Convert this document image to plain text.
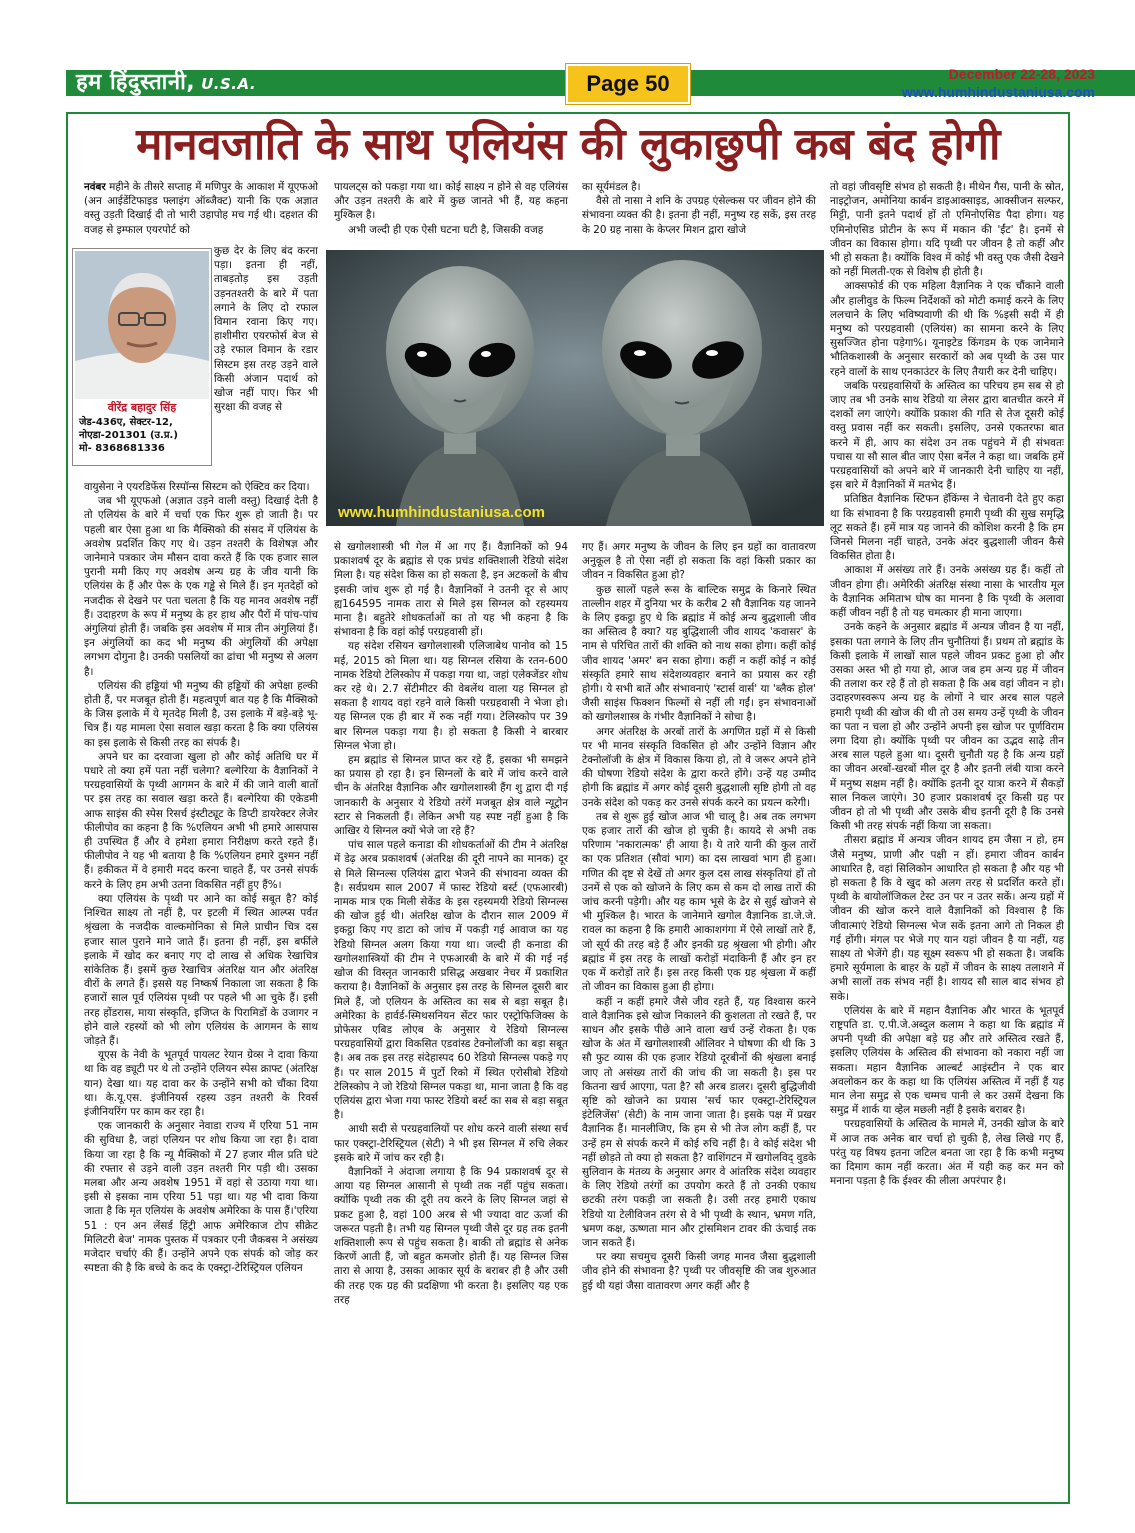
हम हिंदुस्तानी, U.S.A.	Page 50	December 22-28, 2023
www.humhindustaniusa.com
मानवजाति के साथ एलियंस की लुकाछुपी कब बंद होगी

नवंबर महीने के तीसरे सप्ताह में मणिपुर के आकाश में यूएफओ (अन आईडेंटिफाइड फ्लाइंग ऑब्जैक्ट) यानी कि एक अज्ञात वस्तु उड़ती दिखाई दी तो भारी उहापोह मच गई थी। दहशत की वजह से इम्फाल एयरपोर्ट को

वीरेंद्र बहादुर सिंह
जेड-436ए, सेक्टर-12,
नोएडा-201301 (उ.प्र.)
मो- 8368681336
कुछ देर के लिए बंद करना पड़ा। इतना ही नहीं, ताबड़तोड़ इस उड़ती उड़नतश्तरी के बारे में पता लगाने के लिए दो रफाल विमान रवाना किए गए। हाशीमीरा एयरफोर्स बेज से उड़े रफाल विमान के रडार सिस्टम इस तरह उड़ने वाले किसी अंजान पदार्थ को खोज नहीं पाए। फिर भी सुरक्षा की वजह से

वायुसेना ने एयरडिफेंस रिस्पॉन्स सिस्टम को ऐक्टिव कर दिया।

जब भी यूएफओ (अज्ञात उड़ने वाली वस्तु) दिखाई देती है तो एलियंस के बारे में चर्चा एक फिर शुरू हो जाती है। पर पहली बार ऐसा हुआ था कि मैक्सिको की संसद में एलियंस के अवशेष प्रदर्शित किए गए थे। उड़न तश्तरी के विशेषज्ञ और जानेमाने पत्रकार जेम मौसन दावा करते हैं कि एक हजार साल पुरानी ममी किए गए अवशेष अन्य ग्रह के जीव यानी कि एलियंस के हैं और पेरू के एक गड्ढे से मिले हैं। इन मृतदेहों को नजदीक से देखने पर पता चलता है कि यह मानव अवशेष नहीं हैं। उदाहरण के रूप में मनुष्य के हर हाथ और पैरों में पांच-पांच अंगुलियां होती हैं। जबकि इस अवशेष में मात्र तीन अंगुलियां हैं। इन अंगुलियों का कद भी मनुष्य की अंगुलियों की अपेक्षा लगभग दोगुना है। उनकी पसलियों का ढांचा भी मनुष्य से अलग है।

एलियंस की हड्डियां भी मनुष्य की हड्डियों की अपेक्षा हल्की होती हैं, पर मजबूत होती हैं। महत्वपूर्ण बात यह है कि मैक्सिको के जिस इलाके में ये मृतदेह मिली है, उस इलाके में बड़े-बड़े भू-चित्र हैं। यह मामला ऐसा सवाल खड़ा करता है कि क्या एलियंस का इस इलाके से किसी तरह का संपर्क है।

अपने घर का दरवाजा खुला हो और कोई अतिथि घर में पधारे तो क्या हमें पता नहीं चलेगा? बल्गेरिया के वैज्ञानिकों ने परग्रहवासियों के पृथ्वी आगमन के बारे में की जाने वाली बातों पर इस तरह का सवाल खड़ा करते हैं। बल्गेरिया की एकेडमी आफ साइंस की स्पेस रिसर्च इंस्टीट्यूट के डिप्टी डायरेक्टर लेजेर फीलीपोव का कहना है कि %एलियन अभी भी हमारे आसपास ही उपस्थित हैं और वे हमेशा हमारा निरीक्षण करते रहते हैं। फीलीपोव ने यह भी बताया है कि %एलियन हमारे दुश्मन नहीं हैं। हकीकत में वे हमारी मदद करना चाहते हैं, पर उनसे संपर्क करने के लिए हम अभी उतना विकसित नहीं हुए हैं%।

क्या एलियंस के पृथ्वी पर आने का कोई सबूत है? कोई निश्चित साक्ष्य तो नहीं है, पर इटली में स्थित आल्प्स पर्वत श्रृंखला के नजदीक वाल्कमोनिका से मिले प्राचीन चित्र दस हजार साल पुराने माने जाते हैं। इतना ही नहीं, इस बर्फीले इलाके में खोद कर बनाए गए दो लाख से अधिक रेखाचित्र सांकेतिक हैं। इसमें कुछ रेखाचित्र अंतरिक्ष यान और अंतरिक्ष वीरों के लगते हैं। इससे यह निष्कर्ष निकाला जा सकता है कि हजारों साल पूर्व एलियंस पृथ्वी पर पहले भी आ चुके हैं। इसी तरह होंडरास, माया संस्कृति, इजिप्त के पिरामिडों के उजागर न होने वाले रहस्यों को भी लोग एलियंस के आगमन के साथ जोड़ते हैं।

यूएस के नेवी के भूतपूर्व पायलट रेयान ग्रेव्स ने दावा किया था कि वह ड्यूटी पर थे तो उन्होंने एलियन स्पेस क्राफ्ट (अंतरिक्ष यान) देखा था। यह दावा कर के उन्होंने सभी को चौंका दिया था। के.यू.एस. इंजीनियर्स रहस्य उड़न तश्तरी के रिवर्स इंजीनियरिंग पर काम कर रहा है।

एक जानकारी के अनुसार नेवाडा राज्य में एरिया 51 नाम की सुविधा है, जहां एलियन पर शोध किया जा रहा है। दावा किया जा रहा है कि न्यू मैक्सिको में 27 हजार मील प्रति घंटे की रफ्तार से उड़ने वाली उड़न तश्तरी गिर पड़ी थी। उसका मलबा और अन्य अवशेष 1951 में वहां से उठाया गया था। इसी से इसका नाम एरिया 51 पड़ा था। यह भी दावा किया जाता है कि मृत एलियंस के अवशेष अमेरिका के पास हैं।'एरिया 51 : एन अन लेंसर्ड हिंट्री आफ अमेरिकाज टोप सीक्रेट मिलिटरी बेज' नामक पुस्तक में पत्रकार एनी जैकबस ने असंख्य मजेदार चर्चाएं की हैं। उन्होंने अपने एक संपर्क को जोड़ कर स्पष्टता की है कि बच्चे के कद के एक्स्ट्रा-टेरिस्ट्रियल एलियन

पायलट्स को पकड़ा गया था। कोई साक्ष्य न होने से वह एलियंस और उड़न तश्तरी के बारे में कुछ जानते भी हैं, यह कहना मुश्किल है।

अभी जल्दी ही एक ऐसी घटना घटी है, जिसकी वजह

का सूर्यमंडल है।

वैसे तो नासा ने शनि के उपग्रह एंसेल्कस पर जीवन होने की संभावना व्यक्त की है। इतना ही नहीं, मनुष्य रह सकें, इस तरह के 20 ग्रह नासा के केप्लर मिशन द्वारा खोजे

www.humhindustaniusa.com

से खगोलशास्त्री भी गेल में आ गए हैं। वैज्ञानिकों को 94 प्रकाशवर्ष दूर के ब्रह्मांड से एक प्रचंड शक्तिशाली रेडियो संदेश मिला है। यह संदेश किस का हो सकता है, इन अटकलों के बीच इसकी जांच शुरू हो गई है। वैज्ञानिकों ने उतनी दूर से आए ह्य164595 नामक तारा से मिले इस सिग्नल को रहस्यमय माना है। बहुतेरे शोधकर्ताओं का तो यह भी कहना है कि संभावना है कि वहां कोई परग्रहवासी हों।

यह संदेश रसियन खगोलशास्त्री एलिजाबेथ पानोव को 15 मई, 2015 को मिला था। यह सिग्नल रसिया के रतन-600 नामक रेडियो टेलिस्कोप में पकड़ा गया था, जहां एलेक्जेंडर शोध कर रहे थे। 2.7 सेंटीमीटर की वेबलेंथ वाला यह सिग्नल हो सकता है शायद वहां रहने वाले किसी परग्रहवासी ने भेजा हो। यह सिग्नल एक ही बार में रुक नहीं गया। टेलिस्कोप पर 39 बार सिग्नल पकड़ा गया है। हो सकता है किसी ने बारबार सिग्नल भेजा हो।

हम ब्रह्मांड से सिग्नल प्राप्त कर रहे हैं, इसका भी समझने का प्रयास हो रहा है। इन सिग्नलों के बारे में जांच करने वाले चीन के अंतरिक्ष वैज्ञानिक और खगोलशास्त्री हैंग शु द्वारा दी गई जानकारी के अनुसार ये रेडियो तरंगें मजबूत क्षेत्र वाले न्यूट्रोन स्टार से निकलती हैं। लेकिन अभी यह स्पष्ट नहीं हुआ है कि आखिर ये सिग्नल क्यों भेजे जा रहे हैं?

पांच साल पहले कनाडा की शोधकर्ताओं की टीम ने अंतरिक्ष में डेढ़ अरब प्रकाशवर्ष (अंतरिक्ष की दूरी नापने का मानक) दूर से मिले सिग्नल्स एलियंस द्वारा भेजने की संभावना व्यक्त की है। सर्वप्रथम साल 2007 में फास्ट रेडियो बर्स्ट (एफआरबी) नामक मात्र एक मिली सेकेंड के इस रहस्यमयी रेडियो सिग्नल्स की खोज हुई थी। अंतरिक्ष खोज के दौरान साल 2009 में इकट्ठा किए गए डाटा को जांच में पकड़ी गई आवाज का यह रेडियो सिग्नल अलग किया गया था। जल्दी ही कनाडा की खगोलशास्त्रियों की टीम ने एफआरबी के बारे में की गई नई खोज की विस्तृत जानकारी प्रसिद्ध अखबार नेचर में प्रकाशित कराया है। वैज्ञानिकों के अनुसार इस तरह के सिग्नल दूसरी बार मिले हैं, जो एलियन के अस्तित्व का सब से बड़ा सबूत है। अमेरिका के हार्वर्ड-स्मिथसनियन सेंटर फार एस्ट्रोफिजिक्स के प्रोफेसर एबिड लोएब के अनुसार ये रेडियो सिग्नल्स परग्रहवासियों द्वारा विकसित एडवांस्ड टेक्नोलॉजी का बड़ा सबूत है। अब तक इस तरह संदेहास्पद 60 रेडियो सिग्नल्स पकड़े गए हैं। पर साल 2015 में पुर्टो रिको में स्थित एरोसीबो रेडियो टेलिस्कोप ने जो रेडियो सिग्नल पकड़ा था, माना जाता है कि वह एलियंस द्वारा भेजा गया फास्ट रेडियो बर्स्ट का सब से बड़ा सबूत है।

आधी सदी से परग्रहवालियों पर शोध करने वाली संस्था सर्च फार एक्स्ट्रा-टेरिस्ट्रियल (सेटी) ने भी इस सिग्नल में रुचि लेकर इसके बारे में जांच कर रही है।

वैज्ञानिकों ने अंदाजा लगाया है कि 94 प्रकाशवर्ष दूर से आया यह सिग्नल आसानी से पृथ्वी तक नहीं पहुंच सकता। क्योंकि पृथ्वी तक की दूरी तय करने के लिए सिग्नल जहां से प्रकट हुआ है, वहां 100 अरब से भी ज्यादा वाट ऊर्जा की जरूरत पड़ती है। तभी यह सिग्नल पृथ्वी जैसे दूर ग्रह तक इतनी शक्तिशाली रूप से पहुंच सकता है। बाकी तो ब्रह्मांड से अनेक किरणें आती हैं, जो बहुत कमजोर होती हैं। यह सिग्नल जिस तारा से आया है, उसका आकार सूर्य के बराबर ही है और उसी की तरह एक ग्रह की प्रदक्षिणा भी करता है। इसलिए यह एक तरह

गए हैं। अगर मनुष्य के जीवन के लिए इन ग्रहों का वातावरण अनुकूल है तो ऐसा नहीं हो सकता कि वहां किसी प्रकार का जीवन न विकसित हुआ हो?

कुछ सालों पहले रूस के बाल्टिक समुद्र के किनारे स्थित ताल्लीन शहर में दुनिया भर के करीब 2 सौ वैज्ञानिक यह जानने के लिए इकट्ठा हुए थे कि ब्रह्मांड में कोई अन्य बुद्धशाली जीव का अस्तित्व है क्या? यह बुद्धिशाली जीव शायद 'कवासर' के नाम से परिचित तारों की शक्ति को नाथ सका होगा। कहीं कोई जीव शायद 'अमर' बन सका होगा। कहीं न कहीं कोई न कोई संस्कृति हमारे साथ संदेशव्यवहार बनाने का प्रयास कर रही होगी। ये सभी बातें और संभावनाएं 'स्टार्स वार्स' या 'ब्लैक होल' जैसी साइंस फिक्शन फिल्मों से नहीं ली गईं। इन संभावनाओं को खगोलशास्त्र के गंभीर वैज्ञानिकों ने सोचा है।

अगर अंतरिक्ष के अरबों तारों के अगणित ग्रहों में से किसी पर भी मानव संस्कृति विकसित हो और उन्होंने विज्ञान और टेक्नोलॉजी के क्षेत्र में विकास किया हो, तो वे जरूर अपने होने की घोषणा रेडियो संदेश के द्वारा करते होंगे। उन्हें यह उम्मीद होगी कि ब्रह्मांड में अगर कोई दूसरी बुद्धशाली सृष्टि होगी तो वह उनके संदेश को पकड़ कर उनसे संपर्क करने का प्रयत्न करेगी।

तब से शुरू हुई खोज आज भी चालू है। अब तक लगभग एक हजार तारों की खोज हो चुकी है। कायदे से अभी तक परिणाम 'नकारात्मक' ही आया है। ये तारे यानी की कुल तारों का एक प्रतिशत (सौवां भाग) का दस लाखवां भाग ही हुआ। गणित की दृष्ट से देखें तो अगर कुल दस लाख संस्कृतियां हों तो उनमें से एक को खोजने के लिए कम से कम दो लाख तारों की जांच करनी पड़ेगी। और यह काम भूसे के ढेर से सुई खोजने से भी मुश्किल है। भारत के जानेमाने खगोल वैज्ञानिक डा.जे.जे. रावल का कहना है कि हमारी आकाशगंगा में ऐसे लाखों तारे हैं, जो सूर्य की तरह बड़े हैं और इनकी ग्रह श्रृंखला भी होगी। और ब्रह्मांड में इस तरह के लाखों करोड़ों मंदाकिनी हैं और इन हर एक में करोड़ों तारे हैं। इस तरह किसी एक ग्रह श्रृंखला में कहीं तो जीवन का विकास हुआ ही होगा।

कहीं न कहीं हमारे जैसे जीव रहते हैं, यह विश्वास करने वाले वैज्ञानिक इसे खोज निकालने की कुशलता तो रखते हैं, पर साधन और इसके पीछे आने वाला खर्च उन्हें रोकता है। एक खोज के अंत में खगोलशास्त्री ऑलिवर ने घोषणा की थी कि 3 सौ फुट व्यास की एक हजार रेडियो दूरबीनों की श्रृंखला बनाई जाए तो असंख्य तारों की जांच की जा सकती है। इस पर कितना खर्च आएगा, पता है? सौ अरब डालर। दूसरी बुद्धिजीवी सृष्टि को खोजने का प्रयास 'सर्च फार एक्स्ट्रा-टेरिस्ट्रियल इंटेलिजेंस' (सेटी) के नाम जाना जाता है। इसके पक्ष में प्रखर वैज्ञानिक हैं। मानलीजिए, कि हम से भी तेज लोग कहीं हैं, पर उन्हें हम से संपर्क करने में कोई रुचि नहीं है। वे कोई संदेश भी नहीं छोड़ते तो क्या हो सकता है? वाशिंगटन में खगोलविद् वुडके सुलिवान के मंतव्य के अनुसार अगर वे आंतरिक संदेश व्यवहार के लिए रेडियो तरंगों का उपयोग करते हैं तो उनकी एकाध छटकी तरंग पकड़ी जा सकती है। उसी तरह हमारी एकाध रेडियो या टेलीविजन तरंग से वे भी पृथ्वी के स्थान, भ्रमण गति, भ्रमण कक्ष, ऊष्णता मान और ट्रांसमिशन टावर की ऊंचाई तक जान सकते हैं।

पर क्या सचमुच दूसरी किसी जगह मानव जैसा बुद्धशाली जीव होने की संभावना है? पृथ्वी पर जीवसृष्टि की जब शुरुआत हुई थी यहां जैसा वातावरण अगर कहीं और है

तो वहां जीवसृष्टि संभव हो सकती है। मीथेन गैस, पानी के स्रोत, नाइट्रोजन, अमोनिया कार्बन डाइआक्साइड, आक्सीजन सल्फर, मिट्टी, पानी इतने पदार्थ हों तो एमिनोएसिड पैदा होगा। यह एमिनोएसिड प्रोटीन के रूप में मकान की 'ईंट' है। इनमें से जीवन का विकास होगा। यदि पृथ्वी पर जीवन है तो कहीं और भी हो सकता है। क्योंकि विश्व में कोई भी वस्तु एक जैसी देखने को नहीं मिलती-एक से विशेष ही होती है।

आक्सफोर्ड की एक महिला वैज्ञानिक ने एक चौंकाने वाली और हालीवुड के फिल्म निर्देशकों को मोटी कमाई करने के लिए ललचाने के लिए भविष्यवाणी की थी कि %इसी सदी में ही मनुष्य को परग्रहवासी (एलियंस) का सामना करने के लिए सुसज्जित होना पड़ेगा%। यूनाइटेड किंगडम के एक जानेमाने भौतिकशास्त्री के अनुसार सरकारों को अब पृथ्वी के उस पार रहने वालों के साथ एनकाउंटर के लिए तैयारी कर देनी चाहिए।

जबकि परग्रहवासियों के अस्तित्व का परिचय हम सब से हो जाए तब भी उनके साथ रेडियो या लेसर द्वारा बातचीत करने में दशकों लग जाएंगे। क्योंकि प्रकाश की गति से तेज दूसरी कोई वस्तु प्रवास नहीं कर सकती। इसलिए, उनसे एकतरफा बात करने में ही, आप का संदेश उन तक पहुंचने में ही संभवतः पचास या सौ साल बीत जाए ऐसा बर्नेल ने कहा था। जबकि हमें परग्रहवासियों को अपने बारे में जानकारी देनी चाहिए या नहीं, इस बारे में वैज्ञानिकों में मतभेद हैं।

प्रतिष्ठित वैज्ञानिक स्टिफन हॅकिंग्स ने चेतावनी देते हुए कहा था कि संभावना है कि परग्रहवासी हमारी पृथ्वी की सुख समृद्धि लूट सकते हैं। हमें मात्र यह जानने की कोशिश करनी है कि हम जिनसे मिलना नहीं चाहते, उनके अंदर बुद्धशाली जीवन कैसे विकसित होता है।

आकाश में असंख्य तारे हैं। उनके असंख्य ग्रह हैं। कहीं तो जीवन होगा ही। अमेरिकी अंतरिक्ष संस्था नासा के भारतीय मूल के वैज्ञानिक अमिताभ घोष का मानना है कि पृथ्वी के अलावा कहीं जीवन नहीं है तो यह चमत्कार ही माना जाएगा।

उनके कहने के अनुसार ब्रह्मांड में अन्यत्र जीवन है या नहीं, इसका पता लगाने के लिए तीन चुनौतियां हैं। प्रथम तो ब्रह्मांड के किसी इलाके में लाखों साल पहले जीवन प्रकट हुआ हो और उसका अस्त भी हो गया हो, आज जब हम अन्य ग्रह में जीवन की तलाश कर रहे हैं तो हो सकता है कि अब वहां जीवन न हो। उदाहरणस्वरूप अन्य ग्रह के लोगों ने चार अरब साल पहले हमारी पृथ्वी की खोज की थी तो उस समय उन्हें पृथ्वी के जीवन का पता न चला हो और उन्होंने अपनी इस खोज पर पूर्णविराम लगा दिया हो। क्योंकि पृथ्वी पर जीवन का उद्भव साढ़े तीन अरब साल पहले हुआ था। दूसरी चुनौती यह है कि अन्य ग्रहों का जीवन अरबों-खरबों मील दूर है और इतनी लंबी यात्रा करने में मनुष्य सक्षम नहीं है। क्योंकि इतनी दूर यात्रा करने में सैकड़ों साल निकल जाएंगे। 30 हजार प्रकाशवर्ष दूर किसी ग्रह पर जीवन हो तो भी पृथ्वी और उसके बीच इतनी दूरी है कि उनसे किसी भी तरह संपर्क नहीं किया जा सकता।

तीसरा ब्रह्मांड में अन्यत्र जीवन शायद हम जैसा न हो, हम जैसे मनुष्य, प्राणी और पक्षी न हों। हमारा जीवन कार्बन आधारित है, वहां सिलिकोन आधारित हो सकता है और यह भी हो सकता है कि वे खुद को अलग तरह से प्रदर्शित करते हों। पृथ्वी के बायोलॉजिकल टेस्ट उन पर न उतर सकें। अन्य ग्रहों में जीवन की खोज करने वाले वैज्ञानिकों को विश्वास है कि जीवात्माएं रेडियो सिग्नल्स भेज सकें इतना आगे तो निकल ही गई होंगी। मंगल पर भेजे गए यान यहां जीवन है या नहीं, यह साक्ष्य तो भेजेंगे ही। यह सूक्ष्म स्वरूप भी हो सकता है। जबकि हमारे सूर्यमाला के बाहर के ग्रहों में जीवन के साक्ष्य तलाशने में अभी सालों तक संभव नहीं है। शायद सौ साल बाद संभव हो सके।

एलियंस के बारे में महान वैज्ञानिक और भारत के भूतपूर्व राष्ट्रपति डा. ए.पी.जे.अब्दुल कलाम ने कहा था कि ब्रह्मांड में अपनी पृथ्वी की अपेक्षा बड़े ग्रह और तारे अस्तित्व रखते हैं, इसलिए एलियंस के अस्तित्व की संभावना को नकारा नहीं जा सकता। महान वैज्ञानिक आल्बर्ट आइंस्टीन ने एक बार अवलोकन कर के कहा था कि एलियंस अस्तित्व में नहीं हैं यह मान लेना समुद्र से एक चम्मच पानी ले कर उसमें देखना कि समुद्र में शार्क या व्हेल मछली नहीं है इसके बराबर है।

परग्रहवासियों के अस्तित्व के मामले में, उनकी खोज के बारे में आज तक अनेक बार चर्चा हो चुकी है, लेख लिखे गए हैं, परंतु यह विषय इतना जटिल बनता जा रहा है कि कभी मनुष्य का दिमाग काम नहीं करता। अंत में यही कह कर मन को मनाना पड़ता है कि ईश्वर की लीला अपरंपार है।
